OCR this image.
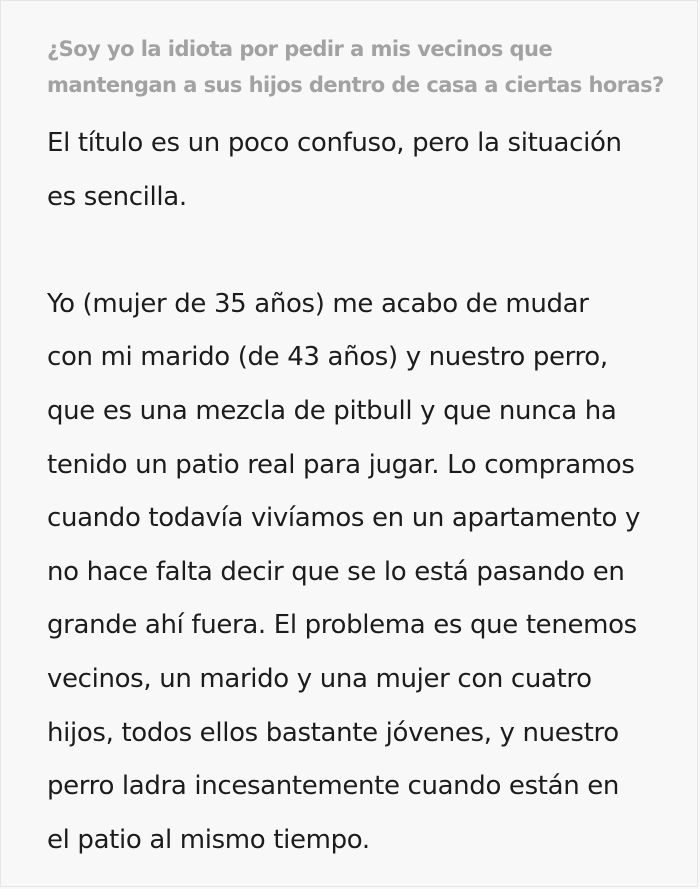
¿Soy yo la idiota por pedir a mis vecinos que
mantengan a sus hijos dentro de casa a ciertas horas?
El título es un poco confuso, pero la situación
es sencilla.
Yo (mujer de 35 años) me acabo de mudar
con mi marido (de 43 años) y nuestro perro,
que es una mezcla de pitbull y que nunca ha
tenido un patio real para jugar. Lo compramos
cuando todavía vivíamos en un apartamento y
no hace falta decir que se lo está pasando en
grande ahí fuera. El problema es que tenemos
vecinos, un marido y una mujer con cuatro
hijos, todos ellos bastante jóvenes, y nuestro
perro ladra incesantemente cuando están en
el patio al mismo tiempo.
